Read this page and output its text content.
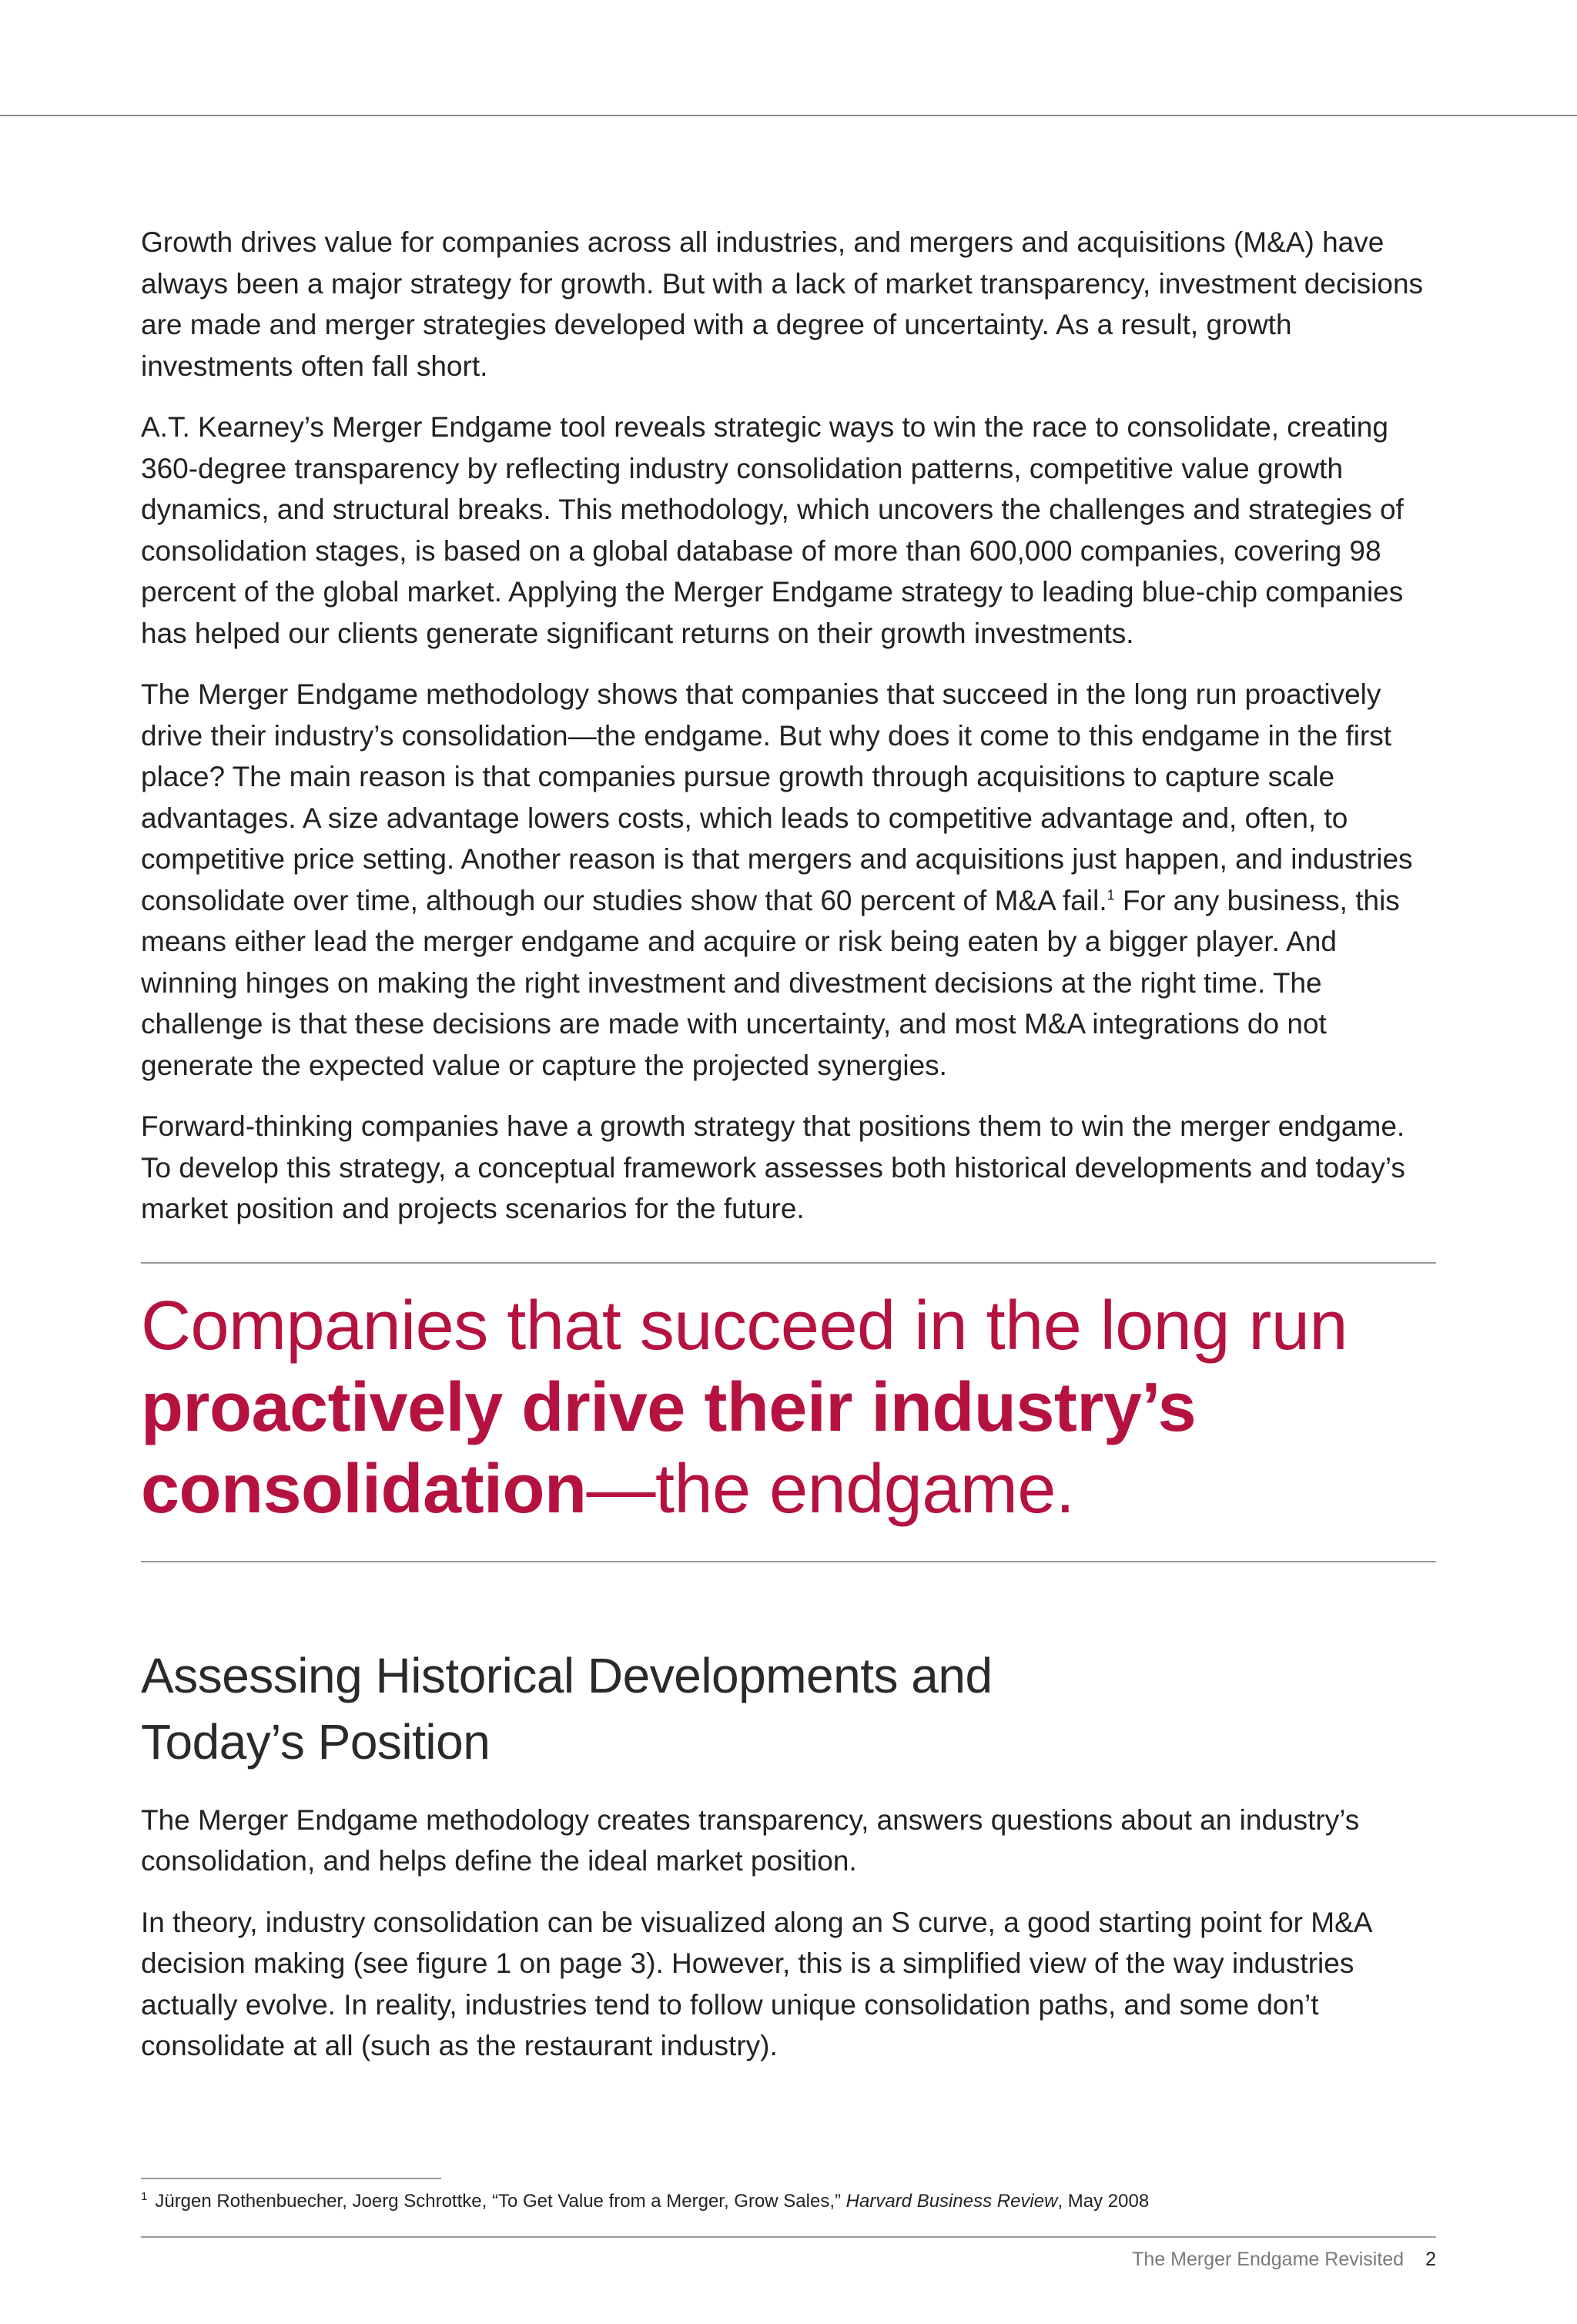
Growth drives value for companies across all industries, and mergers and acquisitions (M&A) have always been a major strategy for growth. But with a lack of market transparency, investment decisions are made and merger strategies developed with a degree of uncertainty. As a result, growth investments often fall short.

A.T. Kearney’s Merger Endgame tool reveals strategic ways to win the race to consolidate, creating 360-degree transparency by reflecting industry consolidation patterns, competitive value growth dynamics, and structural breaks. This methodology, which uncovers the challenges and strategies of consolidation stages, is based on a global database of more than 600,000 companies, covering 98 percent of the global market. Applying the Merger Endgame strategy to leading blue-chip companies has helped our clients generate significant returns on their growth investments.

The Merger Endgame methodology shows that companies that succeed in the long run proactively drive their industry’s consolidation—the endgame. But why does it come to this endgame in the first place? The main reason is that companies pursue growth through acquisitions to capture scale advantages. A size advantage lowers costs, which leads to competitive advantage and, often, to competitive price setting. Another reason is that mergers and acquisitions just happen, and industries consolidate over time, although our studies show that 60 percent of M&A fail.$^1$ For any business, this means either lead the merger endgame and acquire or risk being eaten by a bigger player. And winning hinges on making the right investment and divestment decisions at the right time. The challenge is that these decisions are made with uncertainty, and most M&A integrations do not generate the expected value or capture the projected synergies.

Forward-thinking companies have a growth strategy that positions them to win the merger endgame. To develop this strategy, a conceptual framework assesses both historical developments and today’s market position and projects scenarios for the future.

Companies that succeed in the long run proactively drive their industry’s consolidation—the endgame.
Assessing Historical Developments and
Today’s Position

The Merger Endgame methodology creates transparency, answers questions about an industry’s consolidation, and helps define the ideal market position.

In theory, industry consolidation can be visualized along an S curve, a good starting point for M&A decision making (see figure 1 on page 3). However, this is a simplified view of the way industries actually evolve. In reality, industries tend to follow unique consolidation paths, and some don’t consolidate at all (such as the restaurant industry).

$^1$ Jürgen Rothenbuecher, Joerg Schrottke, “To Get Value from a Merger, Grow Sales,” Harvard Business Review, May 2008
The Merger Endgame Revisited 2
